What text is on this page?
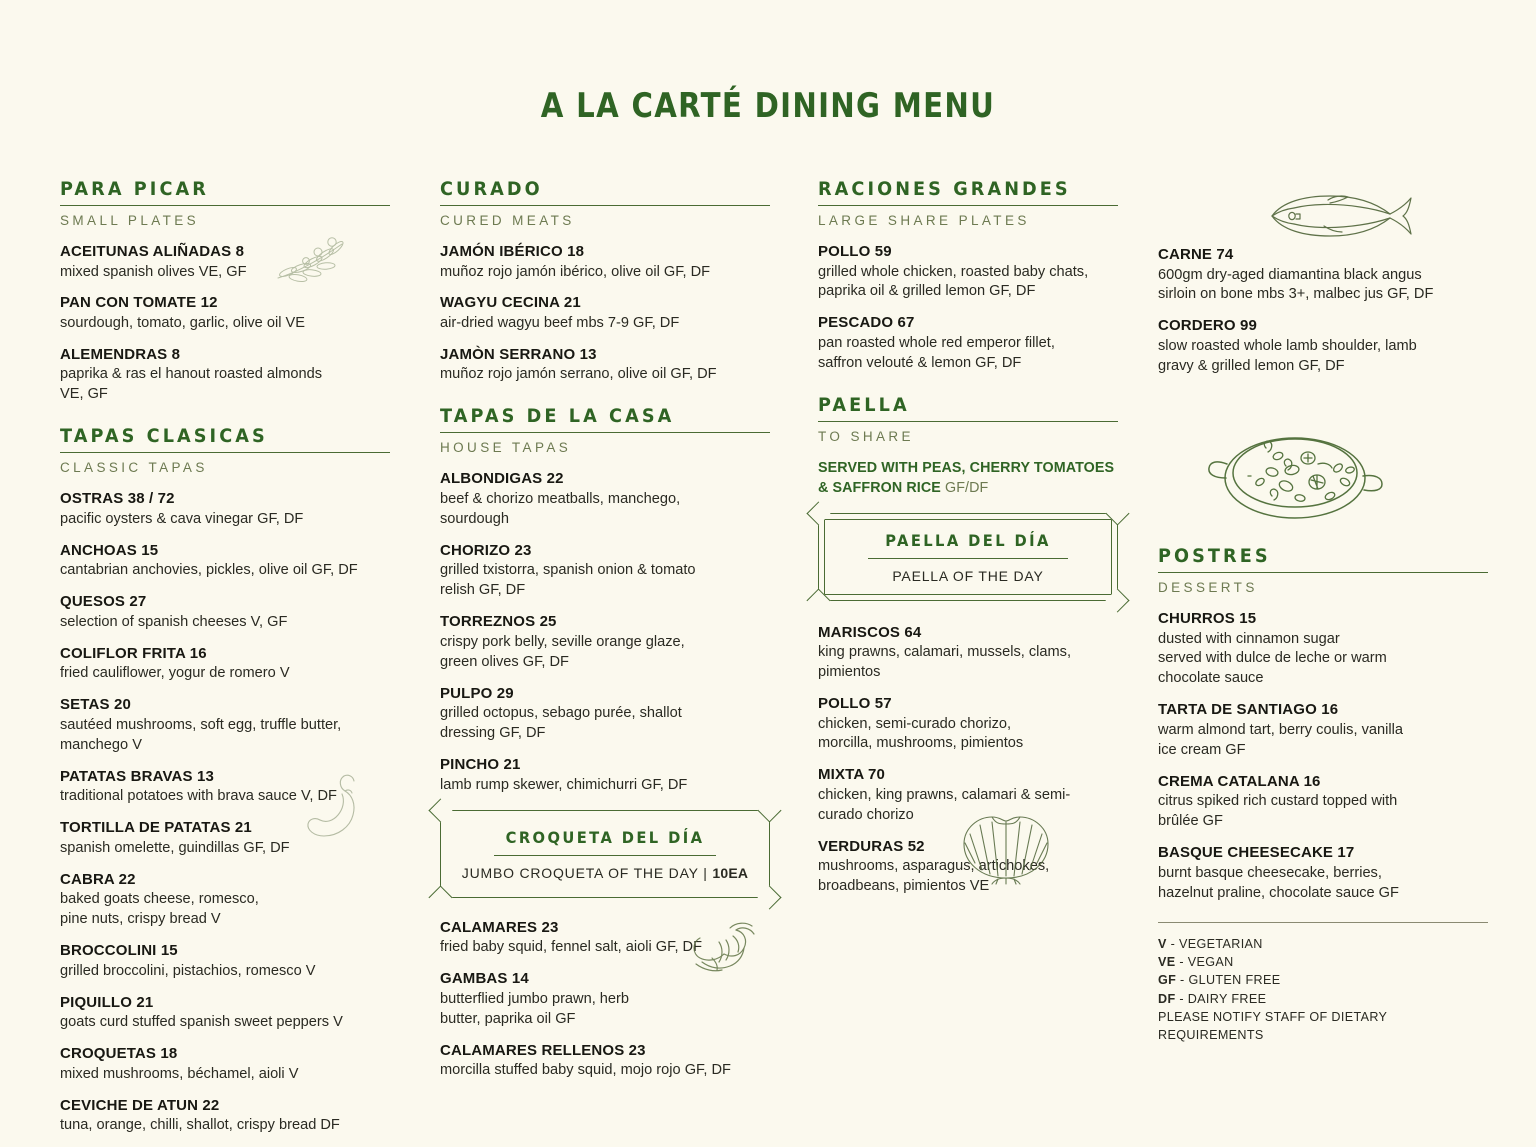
A LA CARTÉ DINING MENU
PARA PICAR
SMALL PLATES
ACEITUNAS ALIÑADAS 8
mixed spanish olives VE, GF
PAN CON TOMATE 12
sourdough, tomato, garlic, olive oil VE
ALEMENDRAS 8
paprika & ras el hanout roasted almonds
VE, GF
TAPAS CLASICAS
CLASSIC TAPAS
OSTRAS 38 / 72
pacific oysters & cava vinegar GF, DF
ANCHOAS 15
cantabrian anchovies, pickles, olive oil GF, DF
QUESOS 27
selection of spanish cheeses V, GF
COLIFLOR FRITA 16
fried cauliflower, yogur de romero V
SETAS 20
sautéed mushrooms, soft egg, truffle butter,
manchego V
PATATAS BRAVAS 13
traditional potatoes with brava sauce V, DF
TORTILLA DE PATATAS 21
spanish omelette, guindillas GF, DF
CABRA 22
baked goats cheese, romesco,
pine nuts, crispy bread V
BROCCOLINI 15
grilled broccolini, pistachios, romesco V
PIQUILLO 21
goats curd stuffed spanish sweet peppers V
CROQUETAS 18
mixed mushrooms, béchamel, aioli V
CEVICHE DE ATUN 22
tuna, orange, chilli, shallot, crispy bread DF
CURADO
CURED MEATS
JAMÓN IBÉRICO 18
muñoz rojo jamón ibérico, olive oil GF, DF
WAGYU CECINA 21
air-dried wagyu beef mbs 7-9 GF, DF
JAMÒN SERRANO 13
muñoz rojo jamón serrano, olive oil GF, DF
TAPAS DE LA CASA
HOUSE TAPAS
ALBONDIGAS 22
beef & chorizo meatballs, manchego,
sourdough
CHORIZO 23
grilled txistorra, spanish onion & tomato
relish GF, DF
TORREZNOS 25
crispy pork belly, seville orange glaze,
green olives GF, DF
PULPO 29
grilled octopus, sebago purée, shallot
dressing GF, DF
PINCHO 21
lamb rump skewer, chimichurri GF, DF
CROQUETA DEL DÍA
JUMBO CROQUETA OF THE DAY | 10EA
CALAMARES 23
fried baby squid, fennel salt, aioli GF, DF
GAMBAS 14
butterflied jumbo prawn, herb
butter, paprika oil GF
CALAMARES RELLENOS 23
morcilla stuffed baby squid, mojo rojo GF, DF
RACIONES GRANDES
LARGE SHARE PLATES
POLLO 59
grilled whole chicken, roasted baby chats,
paprika oil & grilled lemon GF, DF
PESCADO 67
pan roasted whole red emperor fillet,
saffron velouté & lemon GF, DF
PAELLA
TO SHARE
SERVED WITH PEAS, CHERRY TOMATOES
& SAFFRON RICE GF/DF
PAELLA DEL DÍA
PAELLA OF THE DAY
MARISCOS 64
king prawns, calamari, mussels, clams,
pimientos
POLLO 57
chicken, semi-curado chorizo,
morcilla, mushrooms, pimientos
MIXTA 70
chicken, king prawns, calamari & semi-
curado chorizo
VERDURAS 52
mushrooms, asparagus, artichokes,
broadbeans, pimientos VE
CARNE 74
600gm dry-aged diamantina black angus
sirloin on bone mbs 3+, malbec jus GF, DF
CORDERO 99
slow roasted whole lamb shoulder, lamb
gravy & grilled lemon GF, DF
POSTRES
DESSERTS
CHURROS 15
dusted with cinnamon sugar
served with dulce de leche or warm
chocolate sauce
TARTA DE SANTIAGO 16
warm almond tart, berry coulis, vanilla
ice cream GF
CREMA CATALANA 16
citrus spiked rich custard topped with
brûlée GF
BASQUE CHEESECAKE 17
burnt basque cheesecake, berries,
hazelnut praline, chocolate sauce GF
V - VEGETARIAN
VE - VEGAN
GF - GLUTEN FREE
DF - DAIRY FREE
PLEASE NOTIFY STAFF OF DIETARY REQUIREMENTS
